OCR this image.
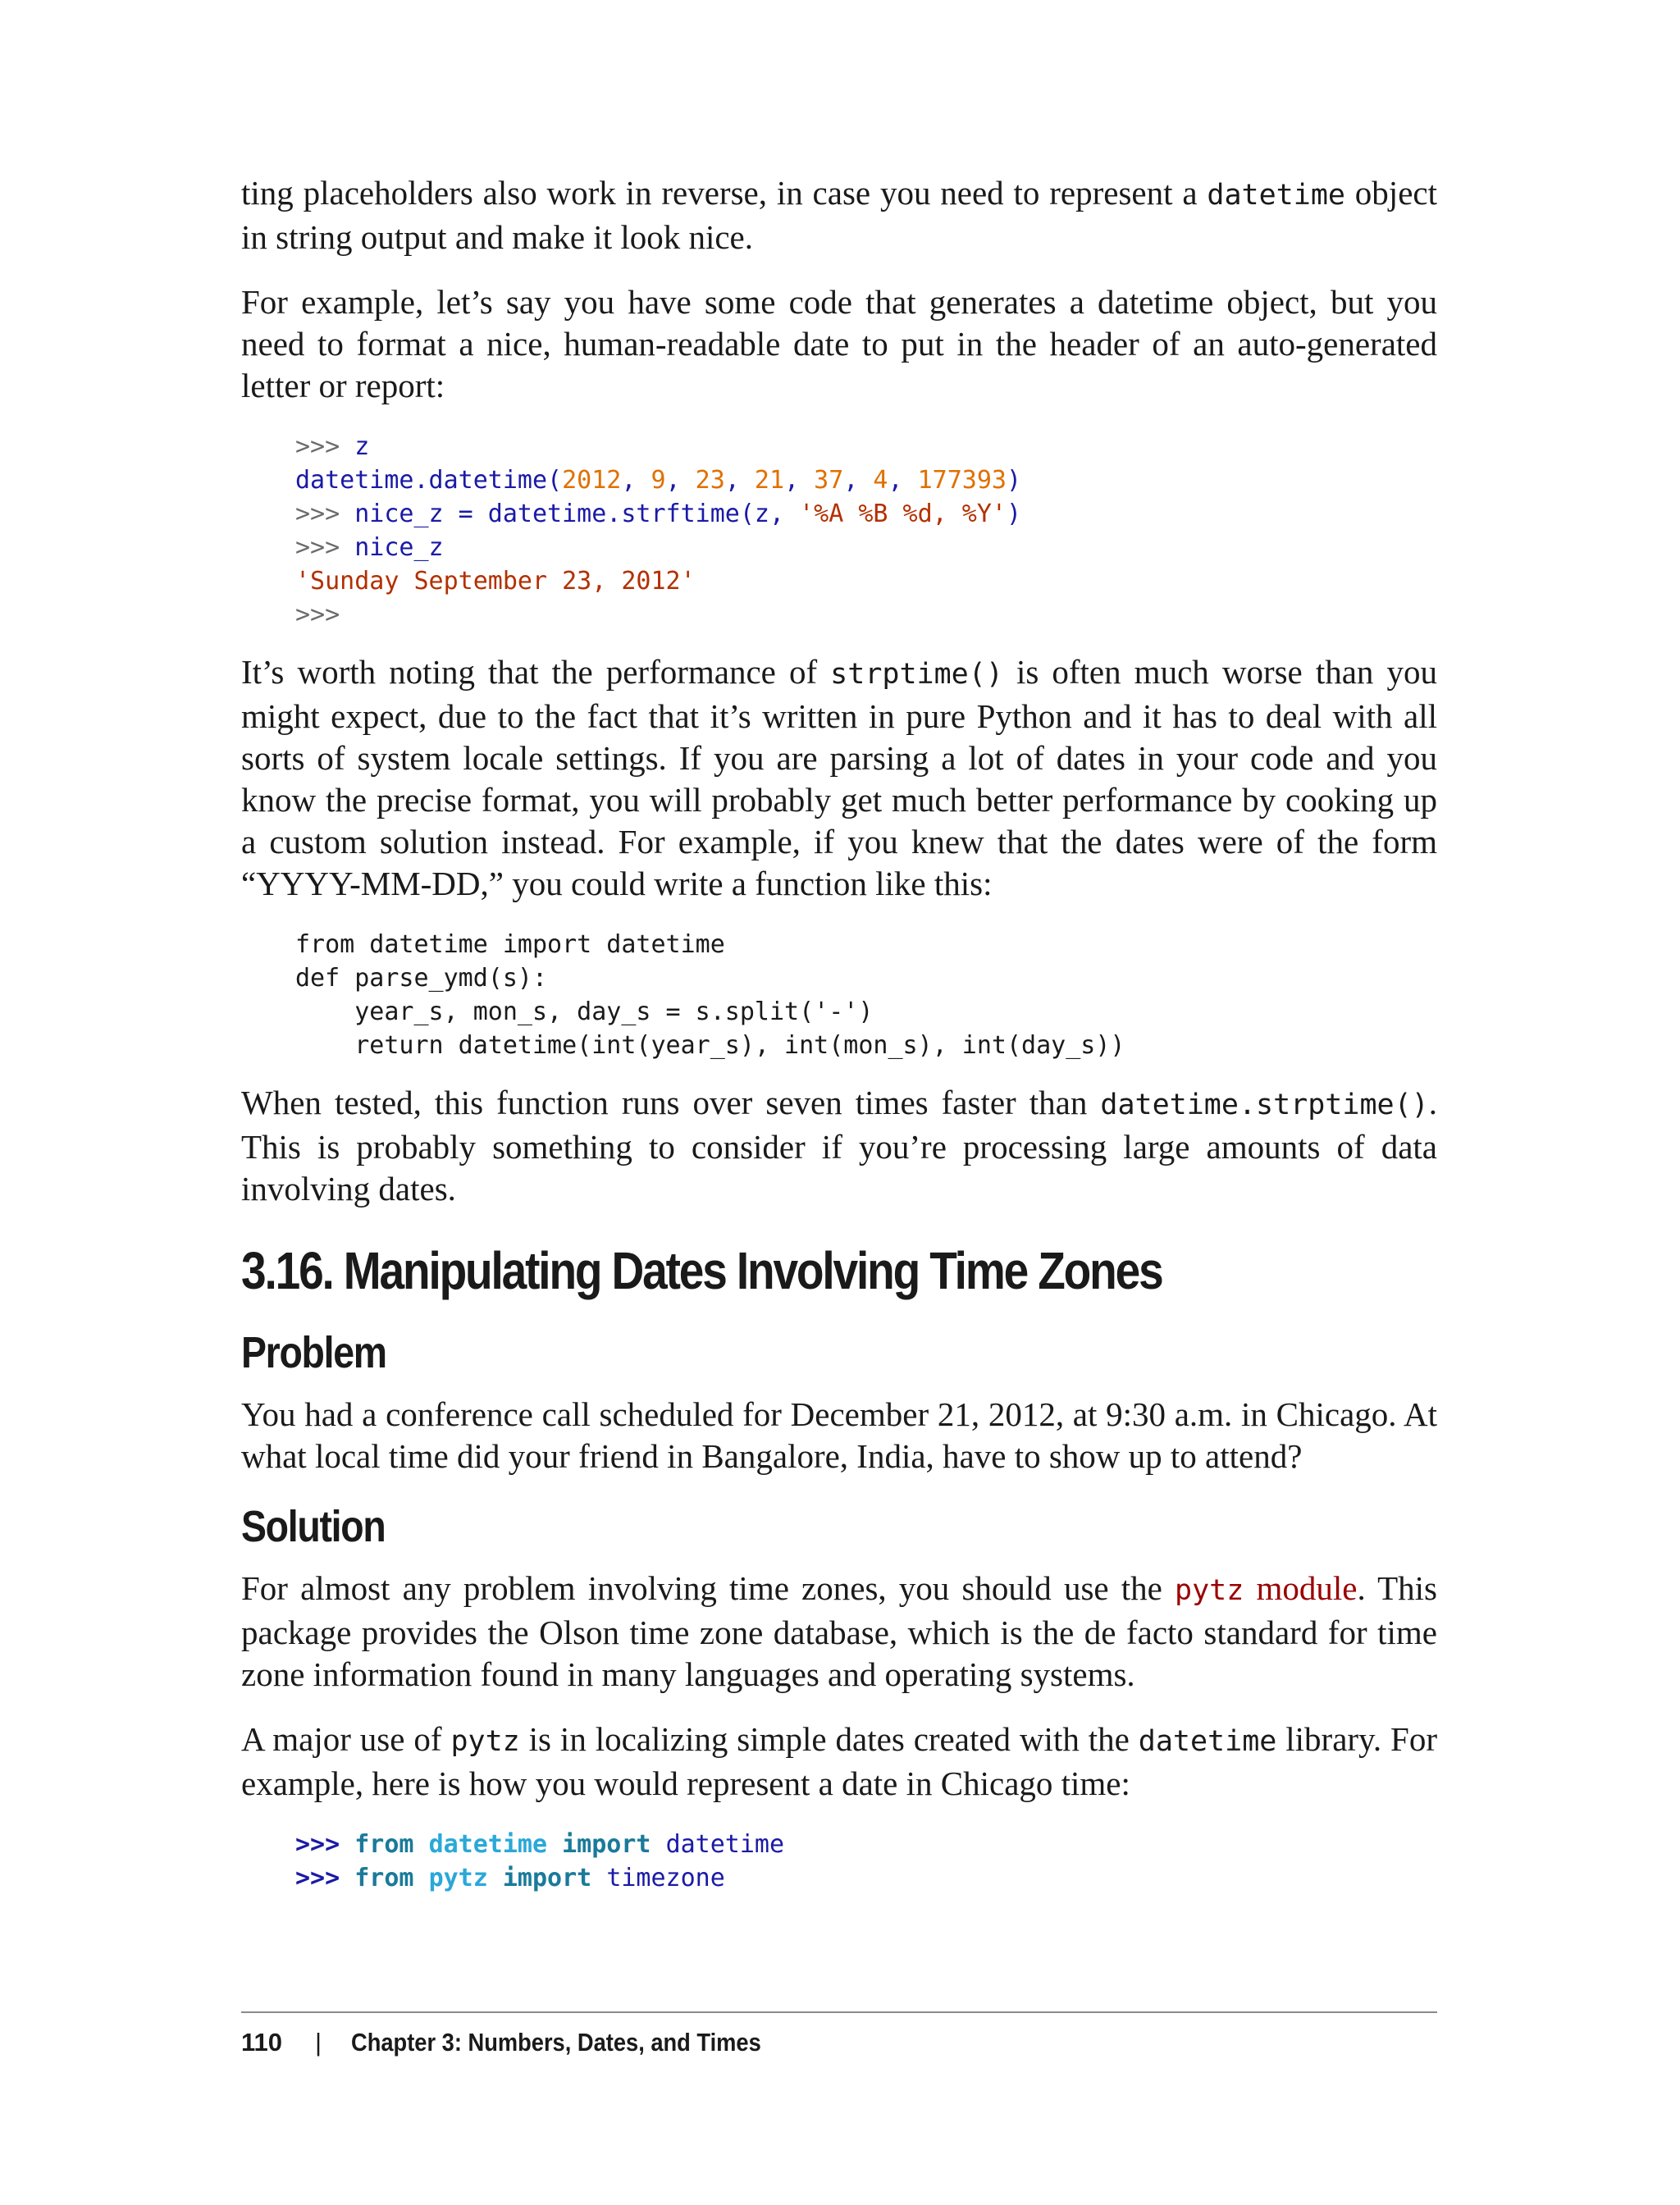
ting placeholders also work in reverse, in case you need to represent a datetime object in string output and make it look nice.

For example, let’s say you have some code that generates a datetime object, but you need to format a nice, human-readable date to put in the header of an auto-generated letter or report:

>>> z
datetime.datetime(2012, 9, 23, 21, 37, 4, 177393)
>>> nice_z = datetime.strftime(z, '%A %B %d, %Y')
>>> nice_z
'Sunday September 23, 2012'
>>>

It’s worth noting that the performance of strptime() is often much worse than you might expect, due to the fact that it’s written in pure Python and it has to deal with all sorts of system locale settings. If you are parsing a lot of dates in your code and you know the precise format, you will probably get much better performance by cooking up a custom solution instead. For example, if you knew that the dates were of the form “YYYY-MM-DD,” you could write a function like this:

from datetime import datetime
def parse_ymd(s):
year_s, mon_s, day_s = s.split('-')
return datetime(int(year_s), int(mon_s), int(day_s))

When tested, this function runs over seven times faster than datetime.strptime(). This is probably something to consider if you’re processing large amounts of data involving dates.

3.16. Manipulating Dates Involving Time Zones
Problem

You had a conference call scheduled for December 21, 2012, at 9:30 a.m. in Chicago. At what local time did your friend in Bangalore, India, have to show up to attend?

Solution

For almost any problem involving time zones, you should use the pytz module. This package provides the Olson time zone database, which is the de facto standard for time zone information found in many languages and operating systems.

A major use of pytz is in localizing simple dates created with the datetime library. For example, here is how you would represent a date in Chicago time:

>>> from datetime import datetime
>>> from pytz import timezone
110 | Chapter 3: Numbers, Dates, and Times
